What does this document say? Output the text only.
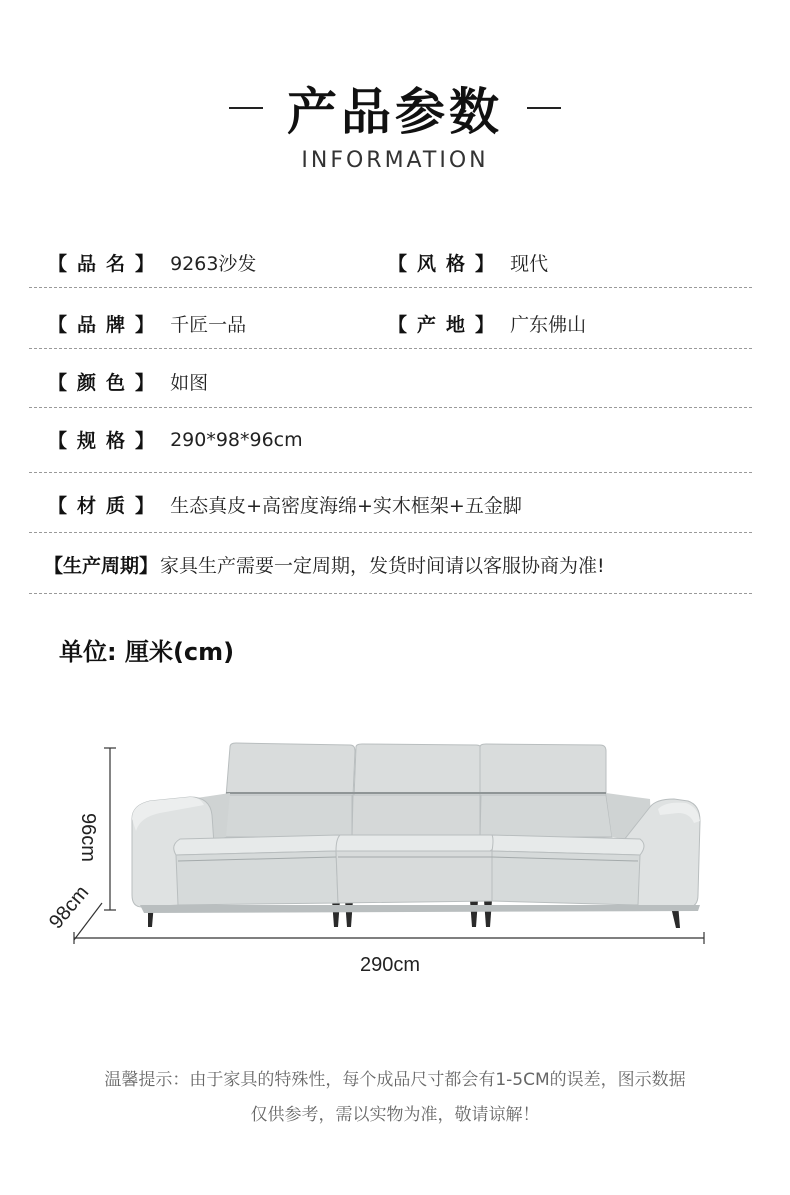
产品参数
INFORMATION
【 品 名 】 9263沙发	【 风 格 】 现代
【 品 牌 】 千匠一品	【 产 地 】 广东佛山
【 颜 色 】 如图
【 规 格 】 290*98*96cm
【 材 质 】 生态真皮+高密度海绵+实木框架+五金脚
【生产周期】 家具生产需要一定周期，发货时间请以客服协商为准!
单位: 厘米(cm)
96cm
98cm
290cm
温馨提示：由于家具的特殊性，每个成品尺寸都会有1-5CM的误差，图示数据
仅供参考，需以实物为准，敬请谅解！
